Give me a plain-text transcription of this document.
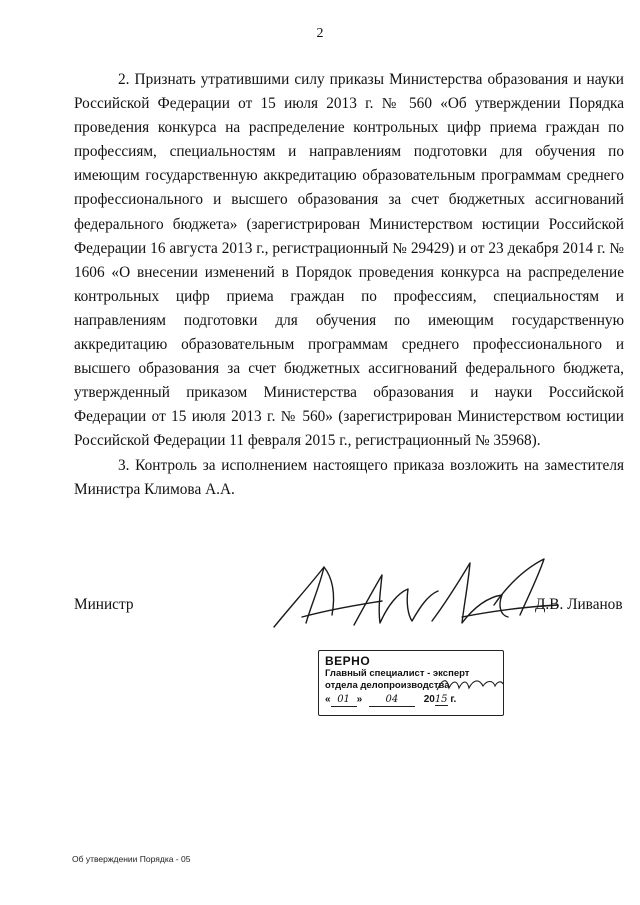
2

2. Признать утратившими силу приказы Министерства образования и науки Российской Федерации от 15 июля 2013 г. № 560 «Об утверждении Порядка проведения конкурса на распределение контрольных цифр приема граждан по профессиям, специальностям и направлениям подготовки для обучения по имеющим государственную аккредитацию образовательным программам среднего профессионального и высшего образования за счет бюджетных ассигнований федерального бюджета» (зарегистрирован Министерством юстиции Российской Федерации 16 августа 2013 г., регистрационный № 29429) и от 23 декабря 2014 г. № 1606 «О внесении изменений в Порядок проведения конкурса на распределение контрольных цифр приема граждан по профессиям, специальностям и направлениям подготовки для обучения по имеющим государственную аккредитацию образовательным программам среднего профессионального и высшего образования за счет бюджетных ассигнований федерального бюджета, утвержденный приказом Министерства образования и науки Российской Федерации от 15 июля 2013 г. № 560» (зарегистрирован Министерством юстиции Российской Федерации 11 февраля 2015 г., регистрационный № 35968).

3. Контроль за исполнением настоящего приказа возложить на заместителя Министра Климова А.А.

Министр	Д.В. Ливанов
ВЕРНО
Главный специалист - эксперт
отдела делопроизводства
« 01 » 04	2015 г.
Об утверждении Порядка - 05
